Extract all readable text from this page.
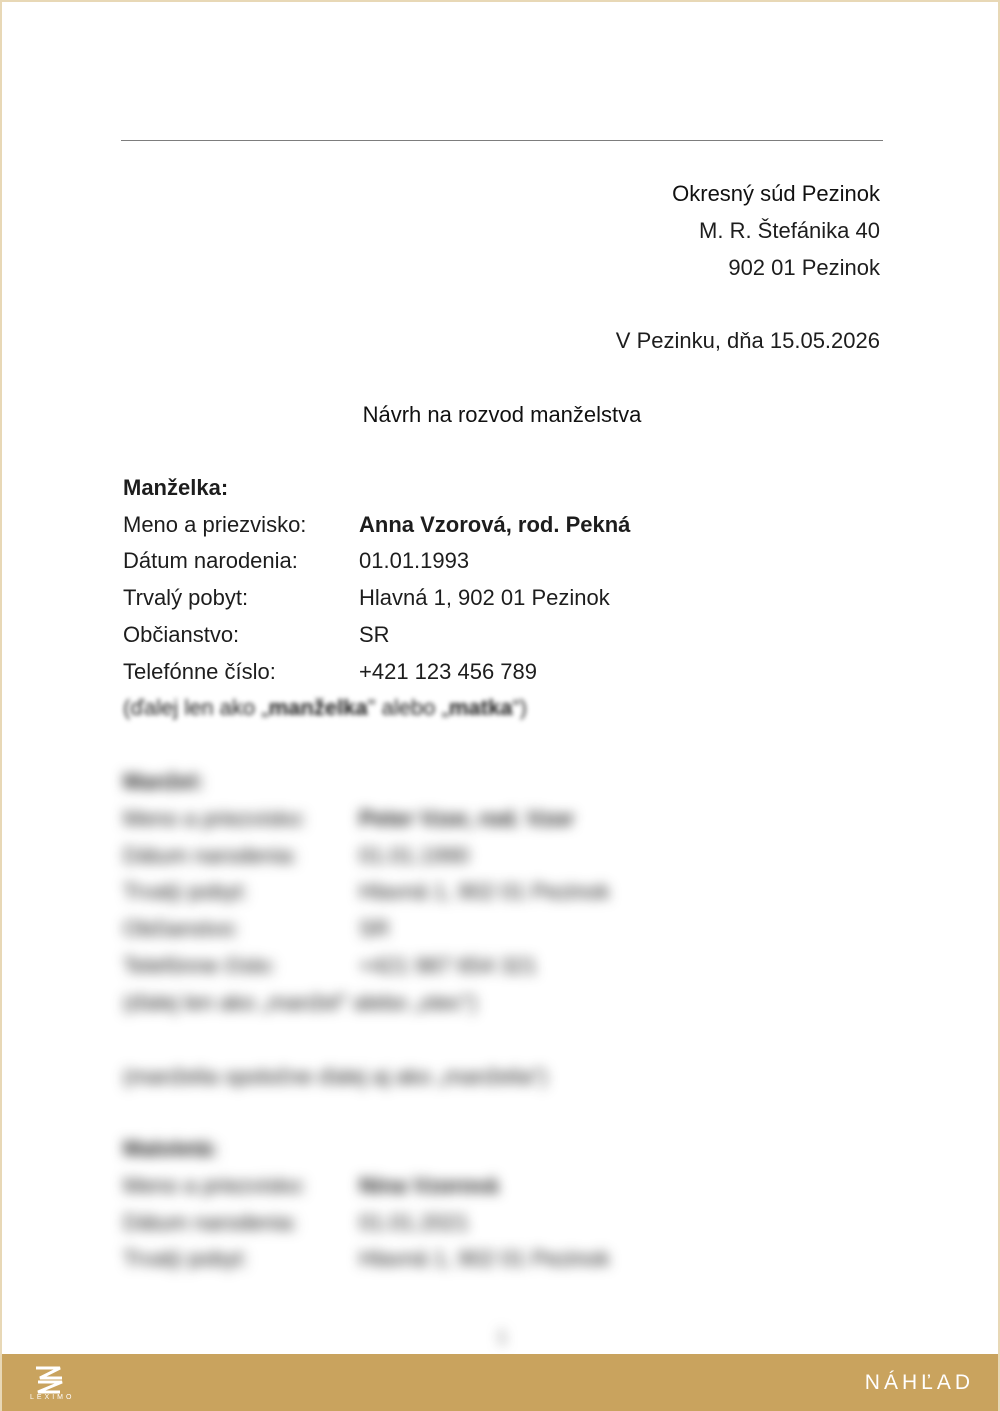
Okresný súd Pezinok
M. R. Štefánika 40
902 01 Pezinok
V Pezinku, dňa 15.05.2026
Návrh na rozvod manželstva
Manželka:
Meno a priezvisko: Anna Vzorová, rod. Pekná
Dátum narodenia:	01.01.1993
Trvalý pobyt:	Hlavná 1, 902 01 Pezinok
Občianstvo:	SR
Telefónne číslo:	+421 123 456 789
(ďalej len ako „manželka" alebo „matka“)
Manžel:
Meno a priezvisko: Peter Vzor, rod. Vzor
Dátum narodenia:	01.01.1990
Trvalý pobyt:	Hlavná 1, 902 01 Pezinok
Občianstvo:	SR
Telefónne číslo:	+421 987 654 321
(ďalej len ako „manžel" alebo „otec“)
(manželia spoločne ďalej aj ako „manželia“)
Maloletá:
Meno a priezvisko: Nina Vzorová
Dátum narodenia:	01.01.2021
Trvalý pobyt:	Hlavná 1, 902 01 Pezinok
1
LEXIMO
NÁHĽAD
